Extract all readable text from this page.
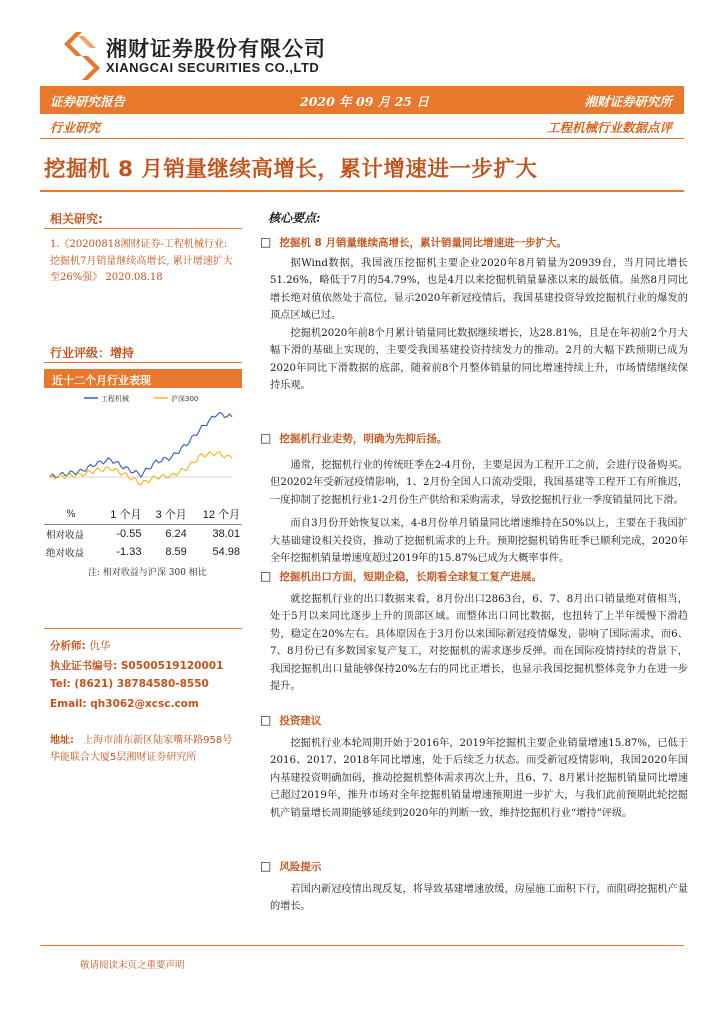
湘财证券股份有限公司
XIANGCAI SECURITIES CO.,LTD
证券研究报告	2020 年 09 月 25 日	湘财证券研究所
行业研究	工程机械行业数据点评
挖掘机 8 月销量继续高增长，累计增速进一步扩大
相关研究:
1.《20200818湘财证券-工程机械行业: 挖掘机7月销量继续高增长, 累计增速扩大至26%强》 2020.08.18
行业评级：增持
近十二个月行业表现
工程机械	沪深300
%	1 个月	3 个月	12 个月
相对收益	-0.55	6.24	38.01
绝对收益	-1.33	8.59	54.98
注: 相对收益与沪深 300 相比
分析师: 仇华
执业证书编号: S0500519120001
Tel: (8621) 38784580-8550
Email: qh3062@xcsc.com
地址: 上海市浦东新区陆家嘴环路958号华能联合大厦5层湘财证券研究所
核心要点:
□ 挖掘机 8 月销量继续高增长，累计销量同比增速进一步扩大。

据Wind数据，我国液压挖掘机主要企业2020年8月销量为20939台，当月同比增长51.26%，略低于7月的54.79%，也是4月以来挖掘机销量暴涨以来的最低值。虽然8月同比增长绝对值依然处于高位，显示2020年新冠疫情后，我国基建投资导致挖掘机行业的爆发的顶点区域已过。

挖掘机2020年前8个月累计销量同比数据继续增长，达28.81%，且是在年初前2个月大幅下滑的基础上实现的，主要受我国基建投资持续发力的推动。2月的大幅下跌预期已成为2020年同比下滑数据的底部，随着前8个月整体销量的同比增速持续上升，市场情绪继续保持乐观。

□ 挖掘机行业走势，明确为先抑后扬。

通常，挖掘机行业的传统旺季在2-4月份，主要是因为工程开工之前，会进行设备购买。但20202年受新冠疫情影响，1、2月份全国人口流动受限，我国基建等工程开工有所推迟，一度抑制了挖掘机行业1-2月份生产供给和采购需求，导致挖掘机行业一季度销量同比下滑。

而自3月份开始恢复以来，4-8月份单月销量同比增速维持在50%以上，主要在于我国扩大基础建设相关投资，推动了挖掘机需求的上升。预期挖掘机销售旺季已顺利完成，2020年全年挖掘机销量增速度超过2019年的15.87%已成为大概率事件。

□ 挖掘机出口方面，短期企稳，长期看全球复工复产进展。

就挖掘机行业的出口数据来看，8月份出口2863台，6、7、8月出口销量绝对值相当，处于5月以来同比逐步上升的顶部区域。而整体出口同比数据，也扭转了上半年缓慢下滑趋势，稳定在20%左右。具体原因在于3月份以来国际新冠疫情爆发，影响了国际需求，而6、7、8月份已有多数国家复产复工，对挖掘机的需求逐步反弹。而在国际疫情持续的背景下，我国挖掘机出口量能够保持20%左右的同比正增长，也显示我国挖掘机整体竞争力在进一步提升。

□ 投资建议

挖掘机行业本轮周期开始于2016年，2019年挖掘机主要企业销量增速15.87%，已低于2016、2017、2018年同比增速，处于后续乏力状态。而受新冠疫情影响，我国2020年国内基建投资明确加码，推动挖掘机整体需求再次上升，且6、7、8月累计挖掘机销量同比增速已超过2019年，推升市场对全年挖掘机销量增速预期进一步扩大，与我们此前预期此轮挖掘机产销量增长周期能够延续到2020年的判断一致，维持挖掘机行业“增持”评级。

□ 风险提示

若国内新冠疫情出现反复，将导致基建增速放缓，房屋施工面积下行，而阻碍挖掘机产量的增长。

敬请阅读末页之重要声明
